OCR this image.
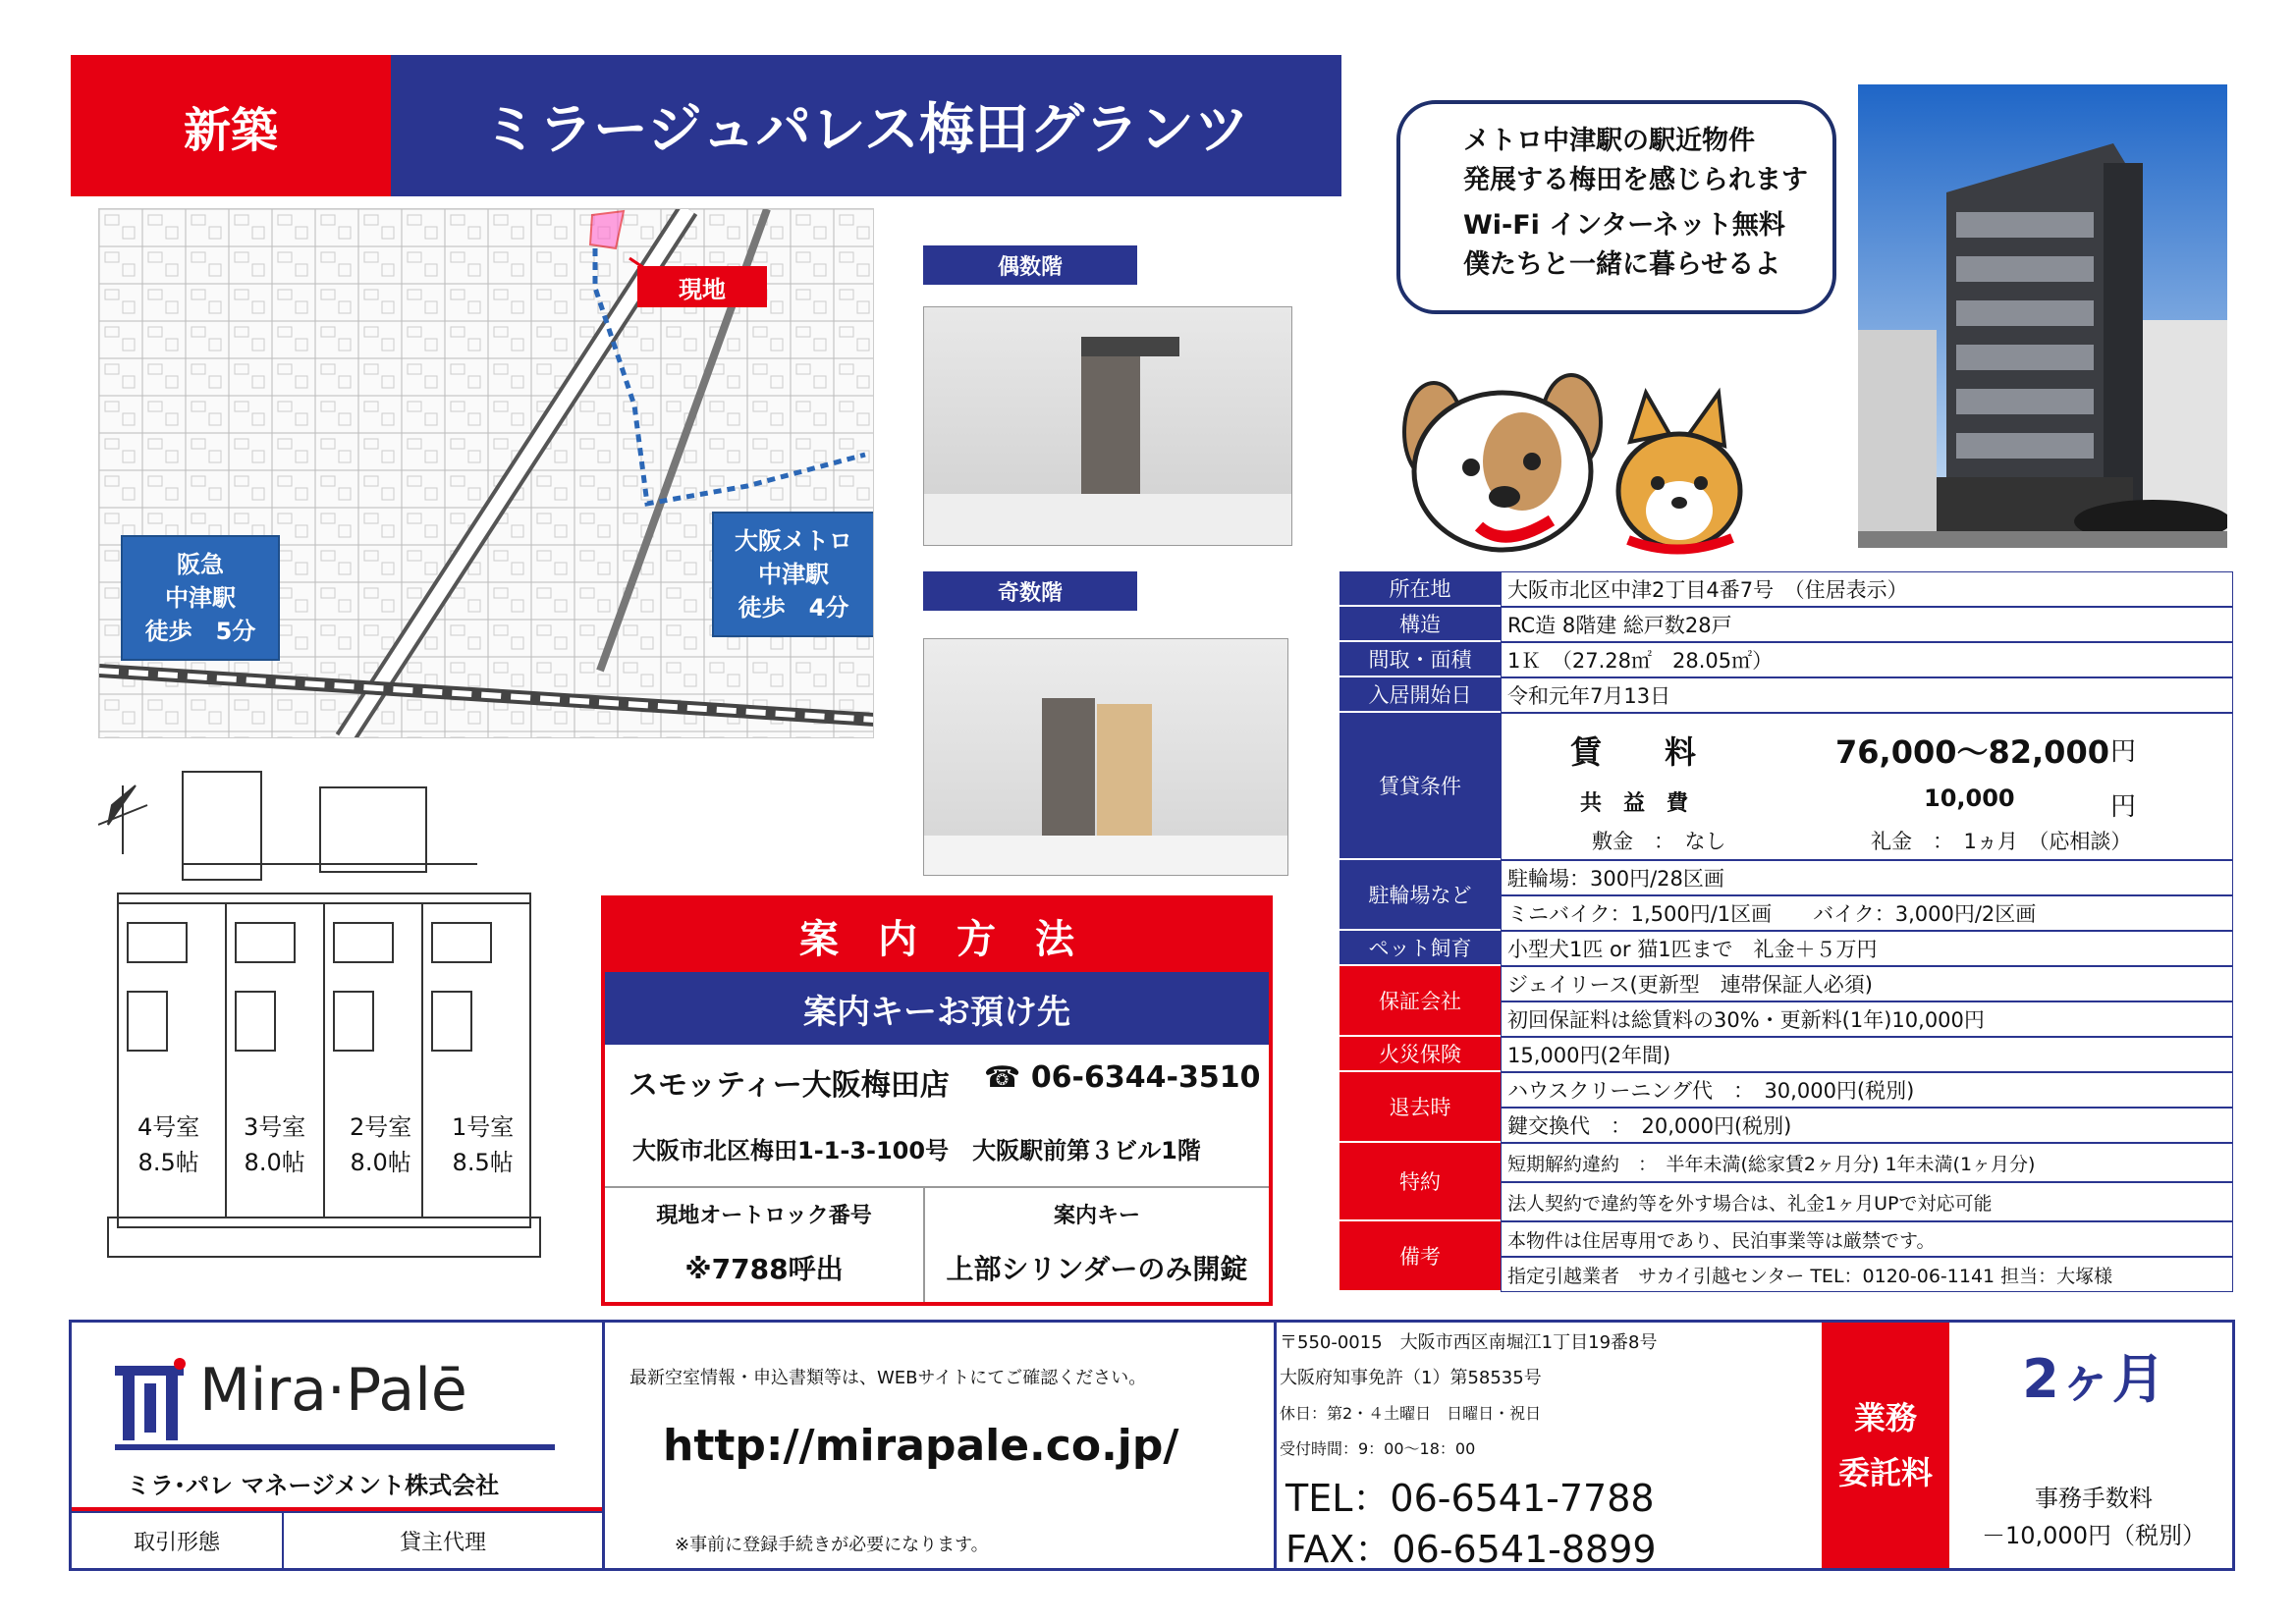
新築	ミラージュパレス梅田グランツ
現地
阪急
中津駅
徒歩　5分
大阪メトロ
中津駅
徒歩　4分
4号室
8.5帖
3号室
8.0帖
2号室
8.0帖
1号室
8.5帖
偶数階
奇数階
メトロ中津駅の駅近物件
発展する梅田を感じられます
Wi-Fi インターネット無料
僕たちと一緒に暮らせるよ
所在地	大阪市北区中津2丁目4番7号　（住居表示）
構造	RC造 8階建 総戸数28戸
間取・面積	1Ｋ　（27.28㎡　28.05㎡）
入居開始日	令和元年7月13日
賃貸条件
賃　　料	76,000～82,000 円
共　益　費	10,000	円
敷金　：　なし	礼金　：　1ヵ月　（応相談）
駐輪場など
駐輪場：300円/28区画
ミニバイク：1,500円/1区画　　バイク：3,000円/2区画
ペット飼育	小型犬1匹 or 猫1匹まで　礼金＋５万円
保証会社
ジェイリース(更新型　連帯保証人必須)
初回保証料は総賃料の30%・更新料(1年)10,000円
火災保険	15,000円(2年間)
退去時
ハウスクリーニング代　：　30,000円(税別)
鍵交換代　：　20,000円(税別)
特約
短期解約違約　：　半年未満(総家賃2ヶ月分) 1年未満(1ヶ月分)
法人契約で違約等を外す場合は、礼金1ヶ月UPで対応可能
備考
本物件は住居専用であり、民泊事業等は厳禁です。
指定引越業者　サカイ引越センター TEL：0120-06-1141 担当：大塚様
案　内　方　法
案内キーお預け先
スモッティー大阪梅田店 ☎ 06-6344-3510
大阪市北区梅田1-1-3-100号　大阪駅前第３ビル1階
現地オートロック番号
※7788呼出
案内キー
上部シリンダーのみ開錠
Mira·Palē
ミラ･パレ マネージメント株式会社
取引形態	貸主代理
最新空室情報・申込書類等は、WEBサイトにてご確認ください。
http://mirapale.co.jp/
※事前に登録手続きが必要になります。
〒550-0015　大阪市西区南堀江1丁目19番8号
大阪府知事免許（1）第58535号
休日：第2・４土曜日　日曜日・祝日
受付時間：9：00～18：00
TEL：06-6541-7788
FAX：06-6541-8899
業務
委託料
2ヶ月
事務手数料
－10,000円（税別）
